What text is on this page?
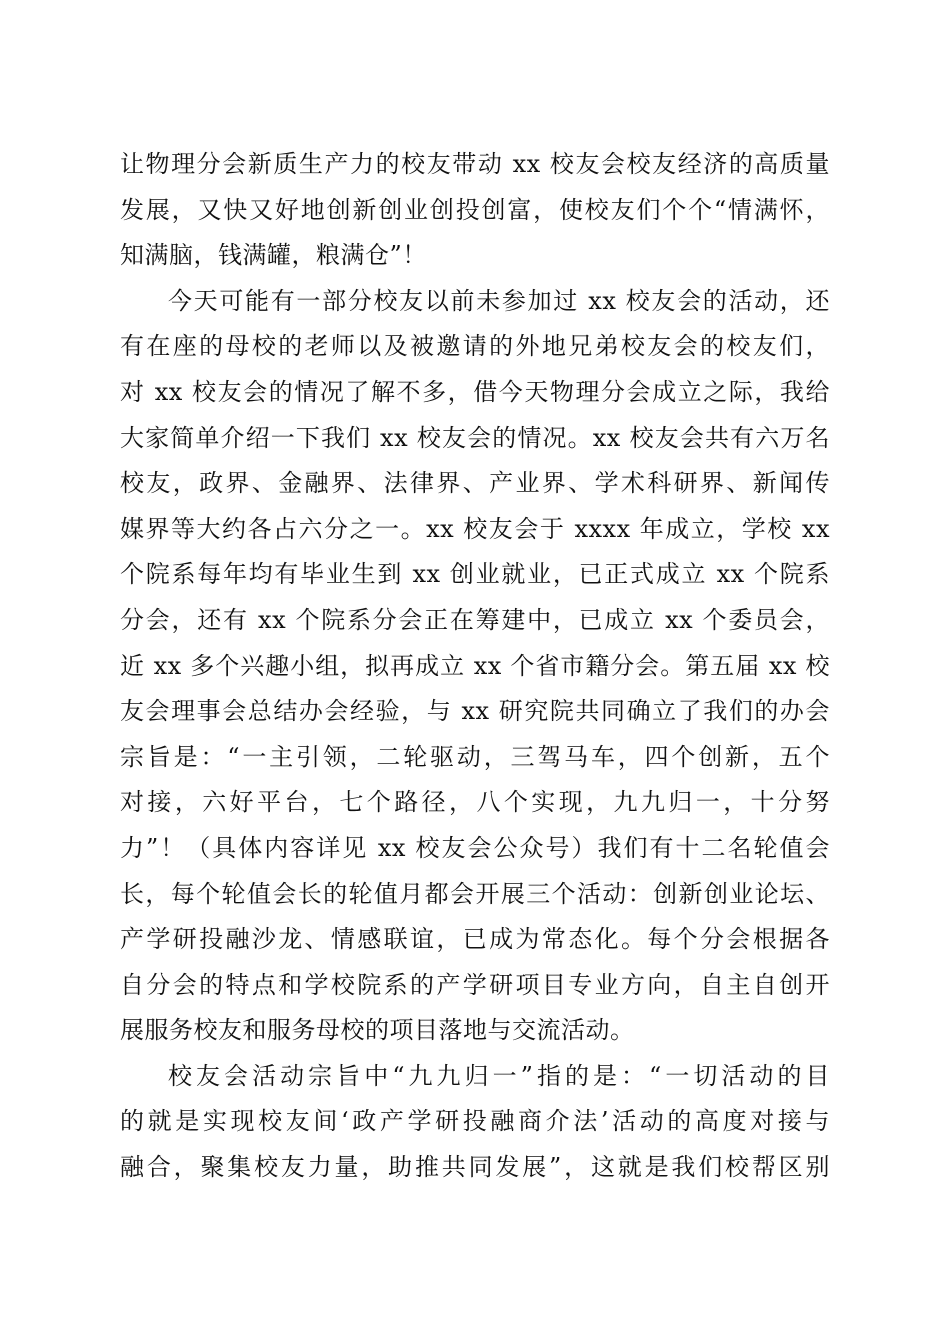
让物理分会新质生产力的校友带动 xx 校友会校友经济的高质量
发展，又快又好地创新创业创投创富，使校友们个个“情满怀，
知满脑，钱满罐，粮满仓”！
今天可能有一部分校友以前未参加过 xx 校友会的活动，还
有在座的母校的老师以及被邀请的外地兄弟校友会的校友们，
对 xx 校友会的情况了解不多，借今天物理分会成立之际，我给
大家简单介绍一下我们 xx 校友会的情况。xx 校友会共有六万名
校友，政界、金融界、法律界、产业界、学术科研界、新闻传
媒界等大约各占六分之一。xx 校友会于 xxxx 年成立，学校 xx
个院系每年均有毕业生到 xx 创业就业，已正式成立 xx 个院系
分会，还有 xx 个院系分会正在筹建中，已成立 xx 个委员会，
近 xx 多个兴趣小组，拟再成立 xx 个省市籍分会。第五届 xx 校
友会理事会总结办会经验，与 xx 研究院共同确立了我们的办会
宗旨是：“一主引领，二轮驱动，三驾马车，四个创新，五个
对接，六好平台，七个路径，八个实现，九九归一，十分努
力”！（具体内容详见 xx 校友会公众号）我们有十二名轮值会
长，每个轮值会长的轮值月都会开展三个活动：创新创业论坛、
产学研投融沙龙、情感联谊，已成为常态化。每个分会根据各
自分会的特点和学校院系的产学研项目专业方向，自主自创开
展服务校友和服务母校的项目落地与交流活动。
校友会活动宗旨中“九九归一”指的是：“一切活动的目
的就是实现校友间‘政产学研投融商介法’活动的高度对接与
融合，聚集校友力量，助推共同发展”，这就是我们校帮区别
